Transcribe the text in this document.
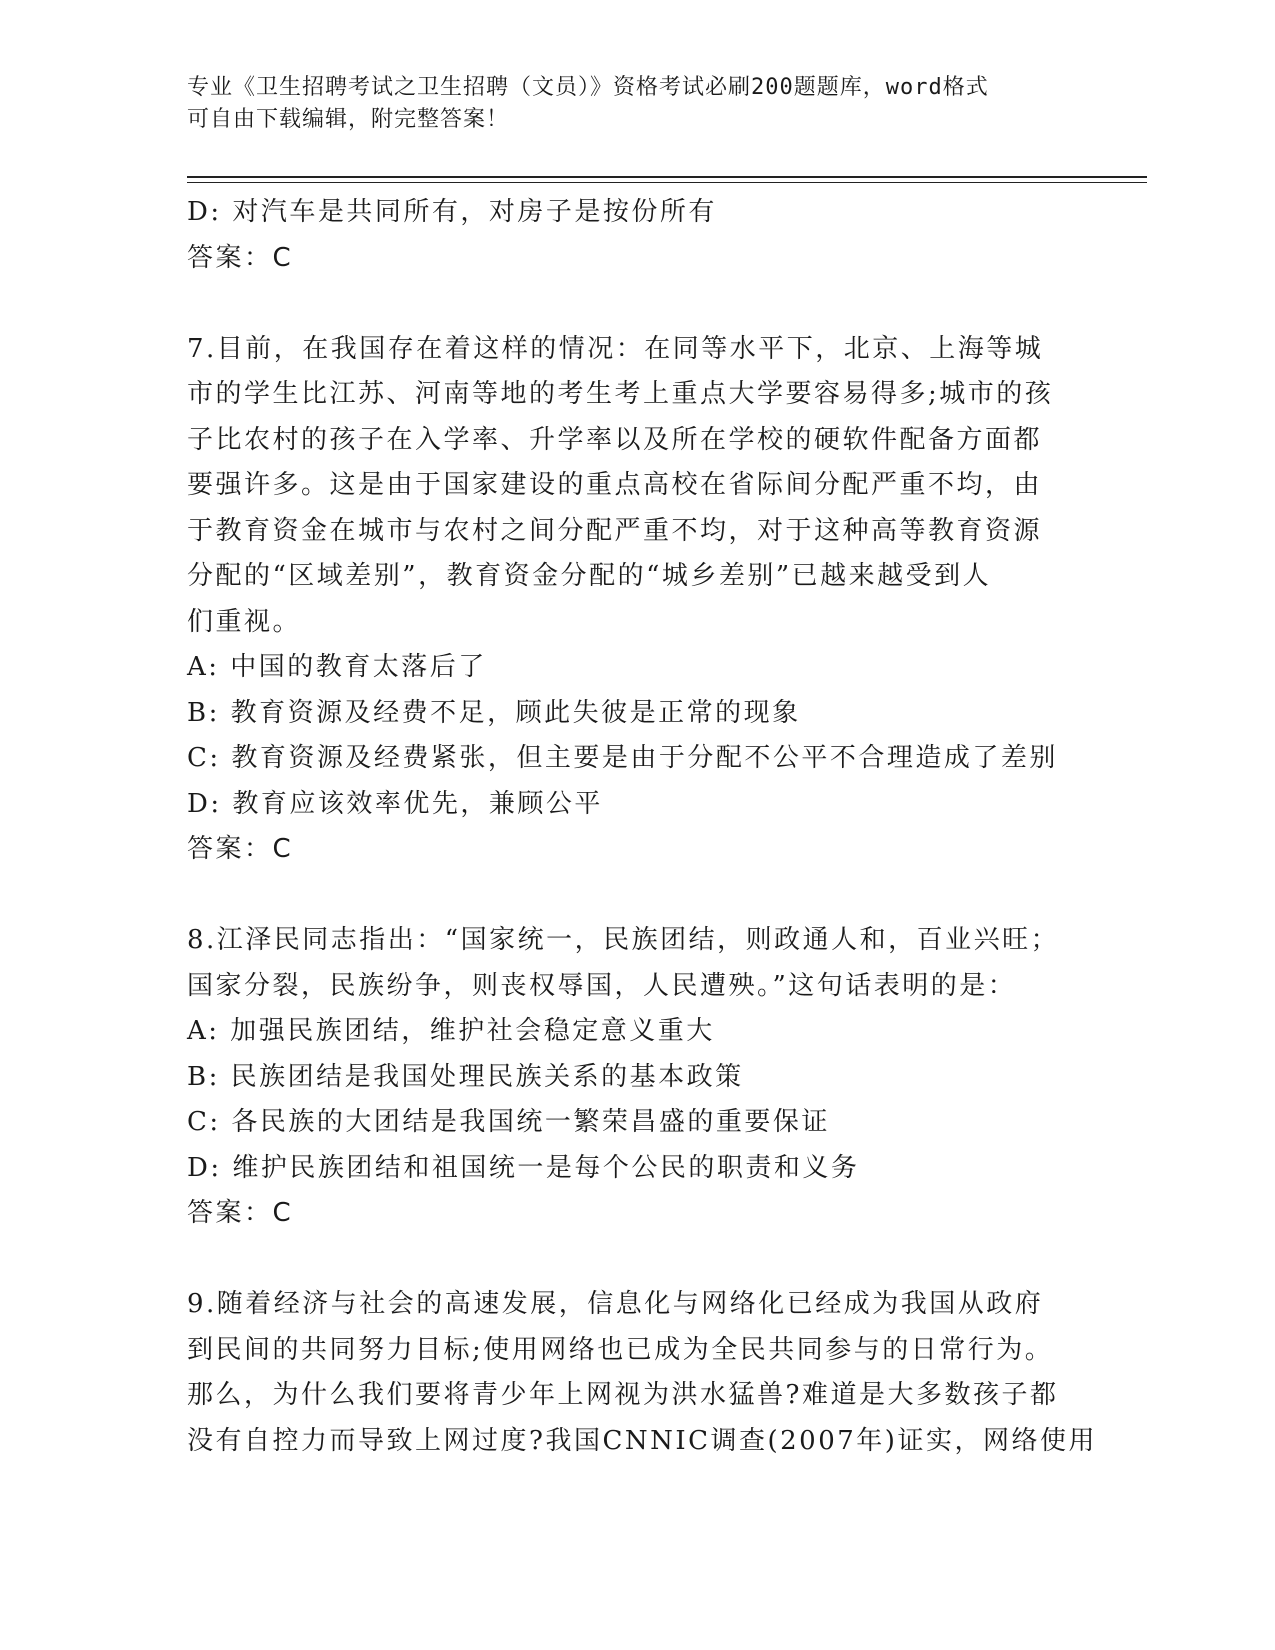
专业《卫生招聘考试之卫生招聘（文员）》资格考试必刷200题题库，word格式
可自由下载编辑，附完整答案！
D: 对汽车是共同所有，对房子是按份所有
答案：C
7.目前，在我国存在着这样的情况：在同等水平下，北京、上海等城
市的学生比江苏、河南等地的考生考上重点大学要容易得多;城市的孩
子比农村的孩子在入学率、升学率以及所在学校的硬软件配备方面都
要强许多。这是由于国家建设的重点高校在省际间分配严重不均，由
于教育资金在城市与农村之间分配严重不均，对于这种高等教育资源
分配的“区域差别”，教育资金分配的“城乡差别”已越来越受到人
们重视。
A: 中国的教育太落后了
B: 教育资源及经费不足，顾此失彼是正常的现象
C: 教育资源及经费紧张，但主要是由于分配不公平不合理造成了差别
D: 教育应该效率优先，兼顾公平
答案：C
8.江泽民同志指出：“国家统一，民族团结，则政通人和，百业兴旺；
国家分裂，民族纷争，则丧权辱国，人民遭殃。”这句话表明的是：
A: 加强民族团结，维护社会稳定意义重大
B: 民族团结是我国处理民族关系的基本政策
C: 各民族的大团结是我国统一繁荣昌盛的重要保证
D: 维护民族团结和祖国统一是每个公民的职责和义务
答案：C
9.随着经济与社会的高速发展，信息化与网络化已经成为我国从政府
到民间的共同努力目标;使用网络也已成为全民共同参与的日常行为。
那么，为什么我们要将青少年上网视为洪水猛兽?难道是大多数孩子都
没有自控力而导致上网过度?我国CNNIC调查(2007年)证实，网络使用
